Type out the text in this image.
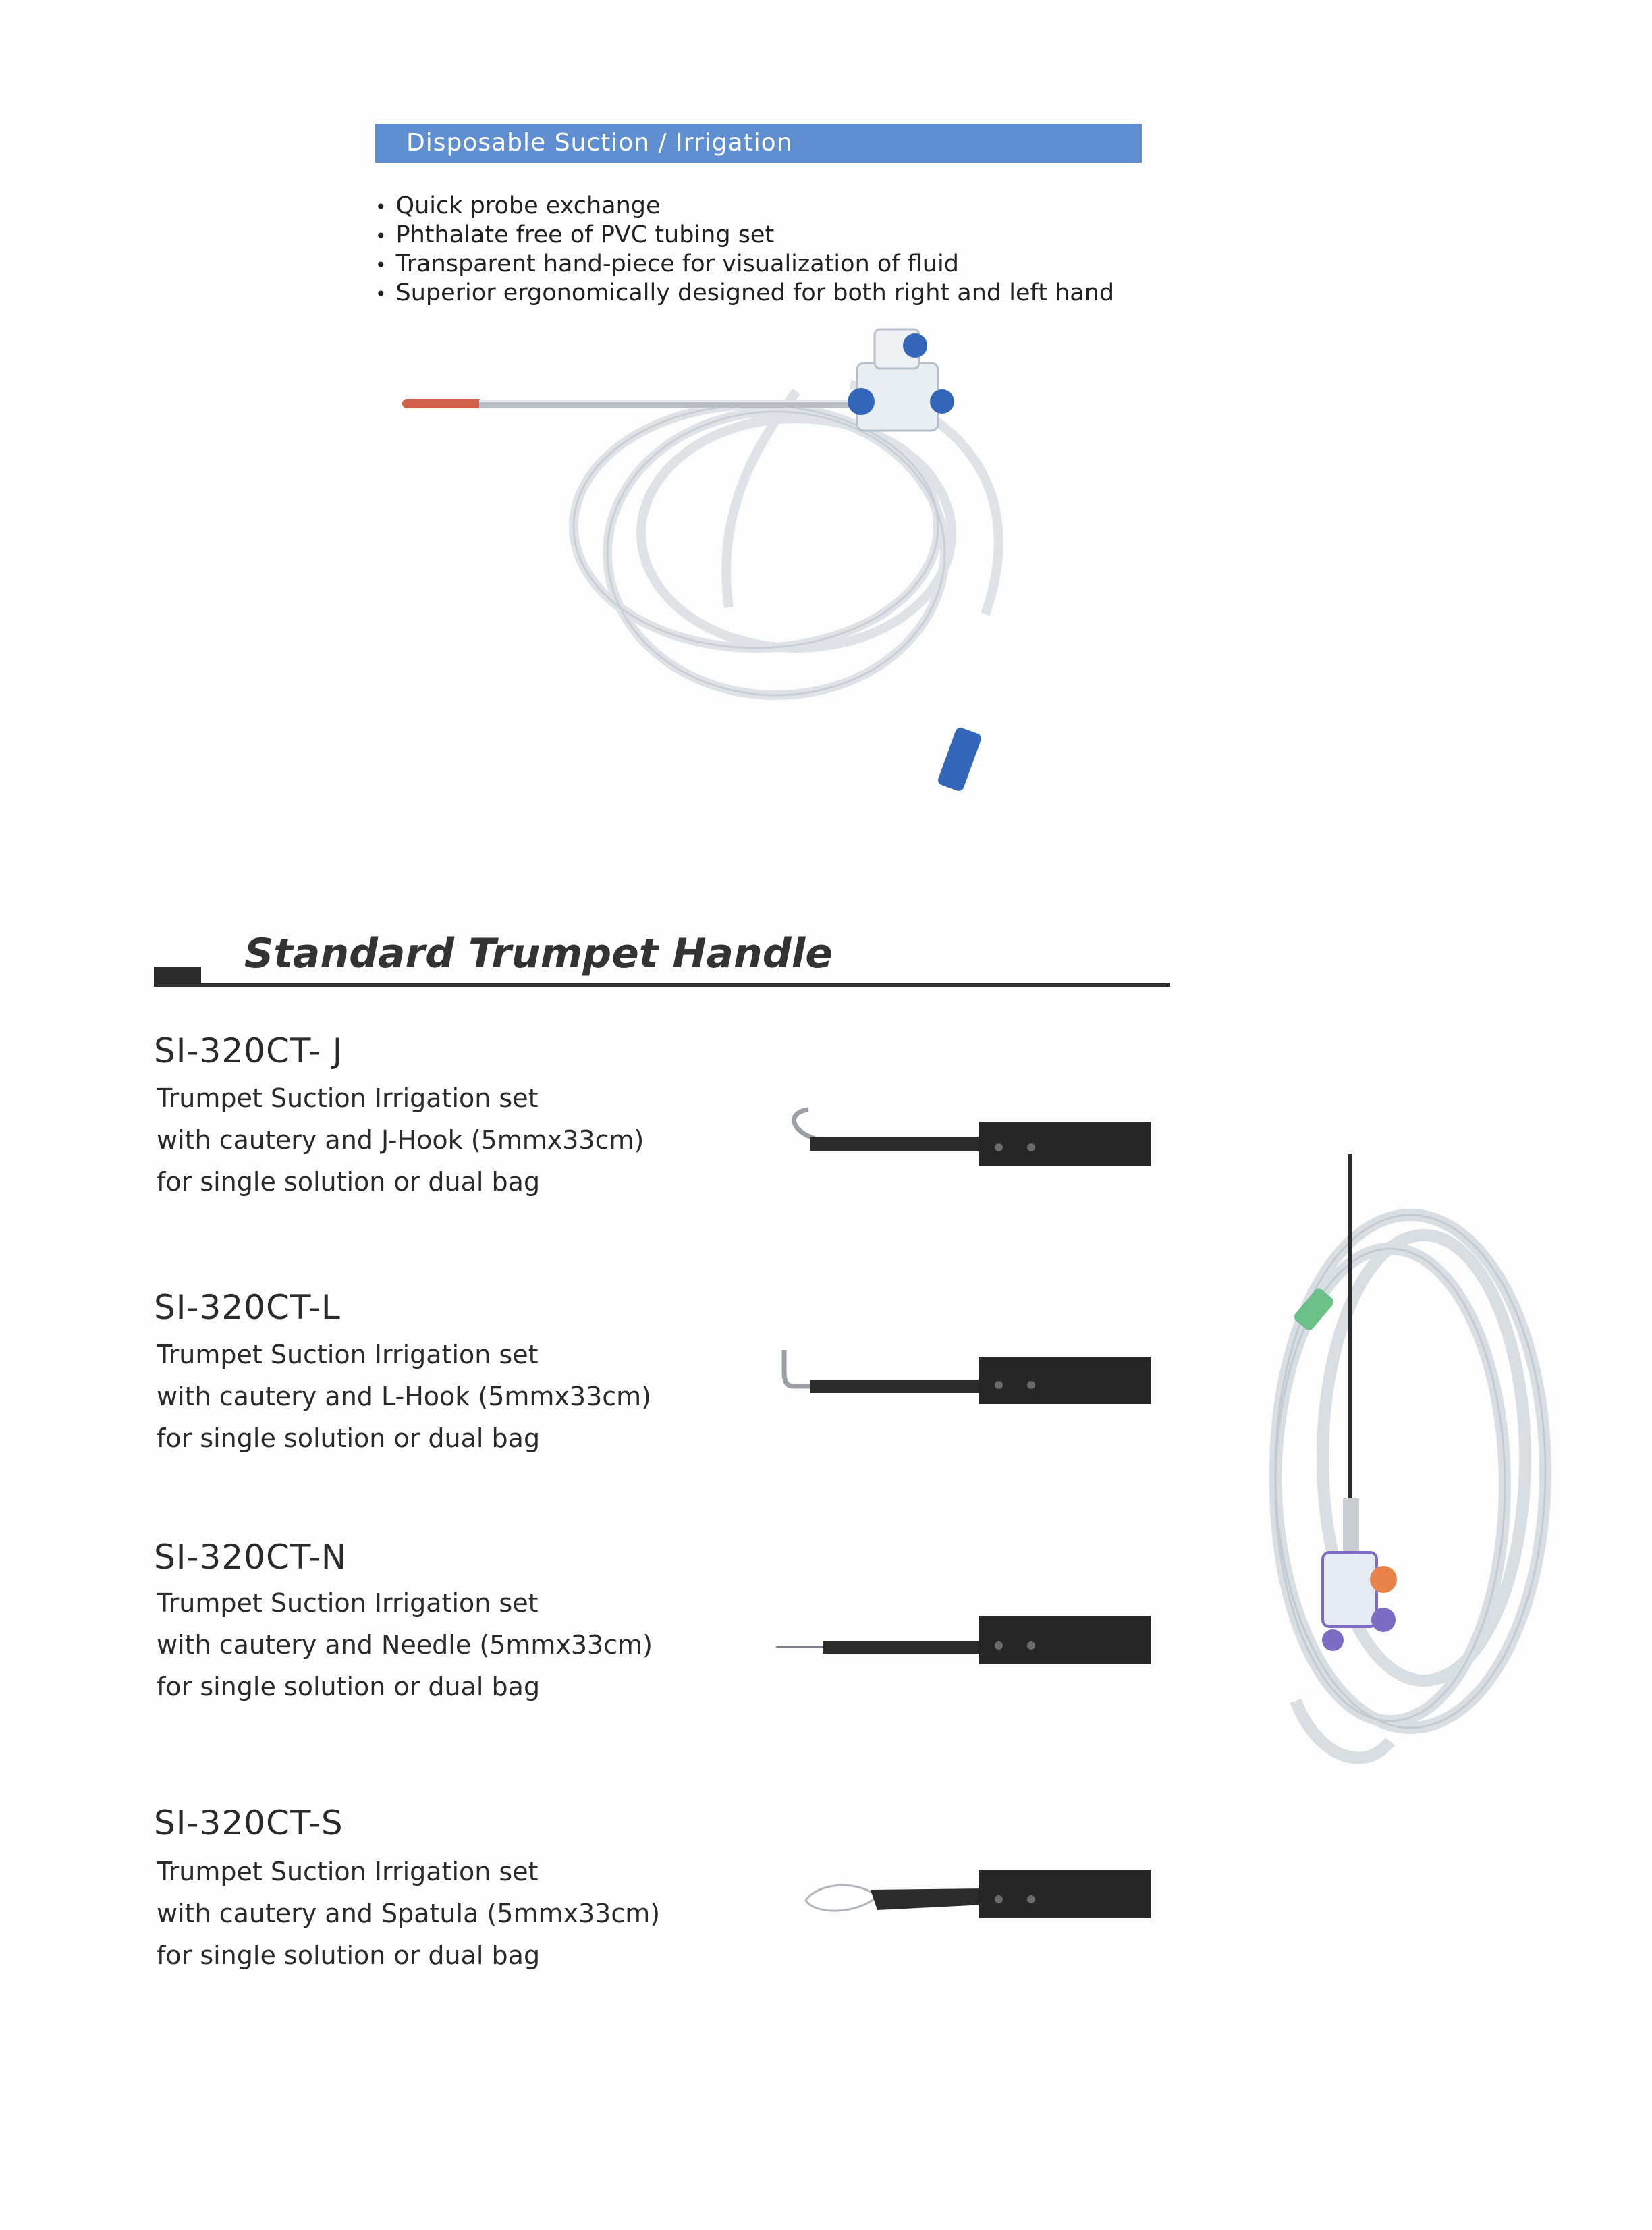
Disposable Suction / Irrigation
• Quick probe exchange
• Phthalate free of PVC tubing set
• Transparent hand-piece for visualization of fluid
• Superior ergonomically designed for both right and left hand
Standard Trumpet Handle
SI-320CT- J
Trumpet Suction Irrigation set
with cautery and J-Hook (5mmx33cm)
for single solution or dual bag
SI-320CT-L
Trumpet Suction Irrigation set
with cautery and L-Hook (5mmx33cm)
for single solution or dual bag
SI-320CT-N
Trumpet Suction Irrigation set
with cautery and Needle (5mmx33cm)
for single solution or dual bag
SI-320CT-S
Trumpet Suction Irrigation set
with cautery and Spatula (5mmx33cm)
for single solution or dual bag
